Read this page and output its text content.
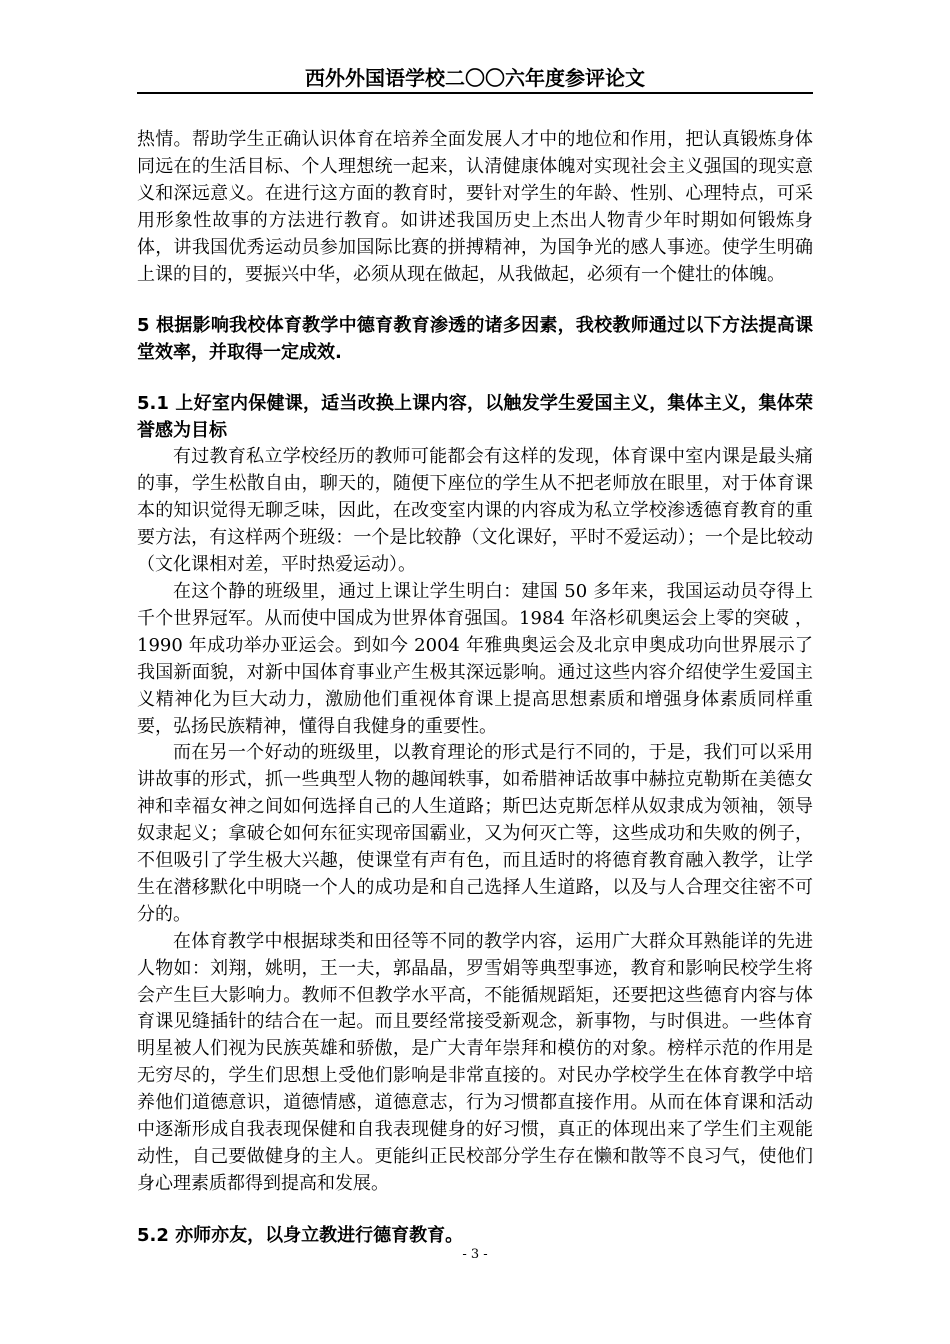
西外外国语学校二〇〇六年度参评论文

热情。帮助学生正确认识体育在培养全面发展人才中的地位和作用，把认真锻炼身体同远在的生活目标、个人理想统一起来，认清健康体魄对实现社会主义强国的现实意义和深远意义。在进行这方面的教育时，要针对学生的年龄、性别、心理特点，可采用形象性故事的方法进行教育。如讲述我国历史上杰出人物青少年时期如何锻炼身体，讲我国优秀运动员参加国际比赛的拼搏精神，为国争光的感人事迹。使学生明确上课的目的，要振兴中华，必须从现在做起，从我做起，必须有一个健壮的体魄。

5 根据影响我校体育教学中德育教育渗透的诸多因素，我校教师通过以下方法提高课堂效率，并取得一定成效.

5.1 上好室内保健课，适当改换上课内容，以触发学生爱国主义，集体主义，集体荣誉感为目标

有过教育私立学校经历的教师可能都会有这样的发现，体育课中室内课是最头痛的事，学生松散自由，聊天的，随便下座位的学生从不把老师放在眼里，对于体育课本的知识觉得无聊乏味，因此，在改变室内课的内容成为私立学校渗透德育教育的重要方法，有这样两个班级：一个是比较静（文化课好，平时不爱运动）；一个是比较动（文化课相对差，平时热爱运动）。

在这个静的班级里，通过上课让学生明白：建国 50 多年来，我国运动员夺得上千个世界冠军。从而使中国成为世界体育强国。1984 年洛杉矶奥运会上零的突破 ，1990 年成功举办亚运会。到如今 2004 年雅典奥运会及北京申奥成功向世界展示了我国新面貌，对新中国体育事业产生极其深远影响。通过这些内容介绍使学生爱国主义精神化为巨大动力，激励他们重视体育课上提高思想素质和增强身体素质同样重要，弘扬民族精神，懂得自我健身的重要性。

而在另一个好动的班级里，以教育理论的形式是行不同的，于是，我们可以采用讲故事的形式，抓一些典型人物的趣闻轶事，如希腊神话故事中赫拉克勒斯在美德女神和幸福女神之间如何选择自己的人生道路；斯巴达克斯怎样从奴隶成为领袖，领导奴隶起义；拿破仑如何东征实现帝国霸业，又为何灭亡等，这些成功和失败的例子，不但吸引了学生极大兴趣，使课堂有声有色，而且适时的将德育教育融入教学，让学生在潜移默化中明晓一个人的成功是和自己选择人生道路，以及与人合理交往密不可分的。

在体育教学中根据球类和田径等不同的教学内容，运用广大群众耳熟能详的先进人物如：刘翔，姚明，王一夫，郭晶晶，罗雪娟等典型事迹，教育和影响民校学生将会产生巨大影响力。教师不但教学水平高，不能循规蹈矩，还要把这些德育内容与体育课见缝插针的结合在一起。而且要经常接受新观念，新事物，与时俱进。一些体育明星被人们视为民族英雄和骄傲，是广大青年崇拜和模仿的对象。榜样示范的作用是无穷尽的，学生们思想上受他们影响是非常直接的。对民办学校学生在体育教学中培养他们道德意识，道德情感，道德意志，行为习惯都直接作用。从而在体育课和活动中逐渐形成自我表现保健和自我表现健身的好习惯，真正的体现出来了学生们主观能动性，自己要做健身的主人。更能纠正民校部分学生存在懒和散等不良习气，使他们身心理素质都得到提高和发展。

5.2 亦师亦友，以身立教进行德育教育。

- 3 -
